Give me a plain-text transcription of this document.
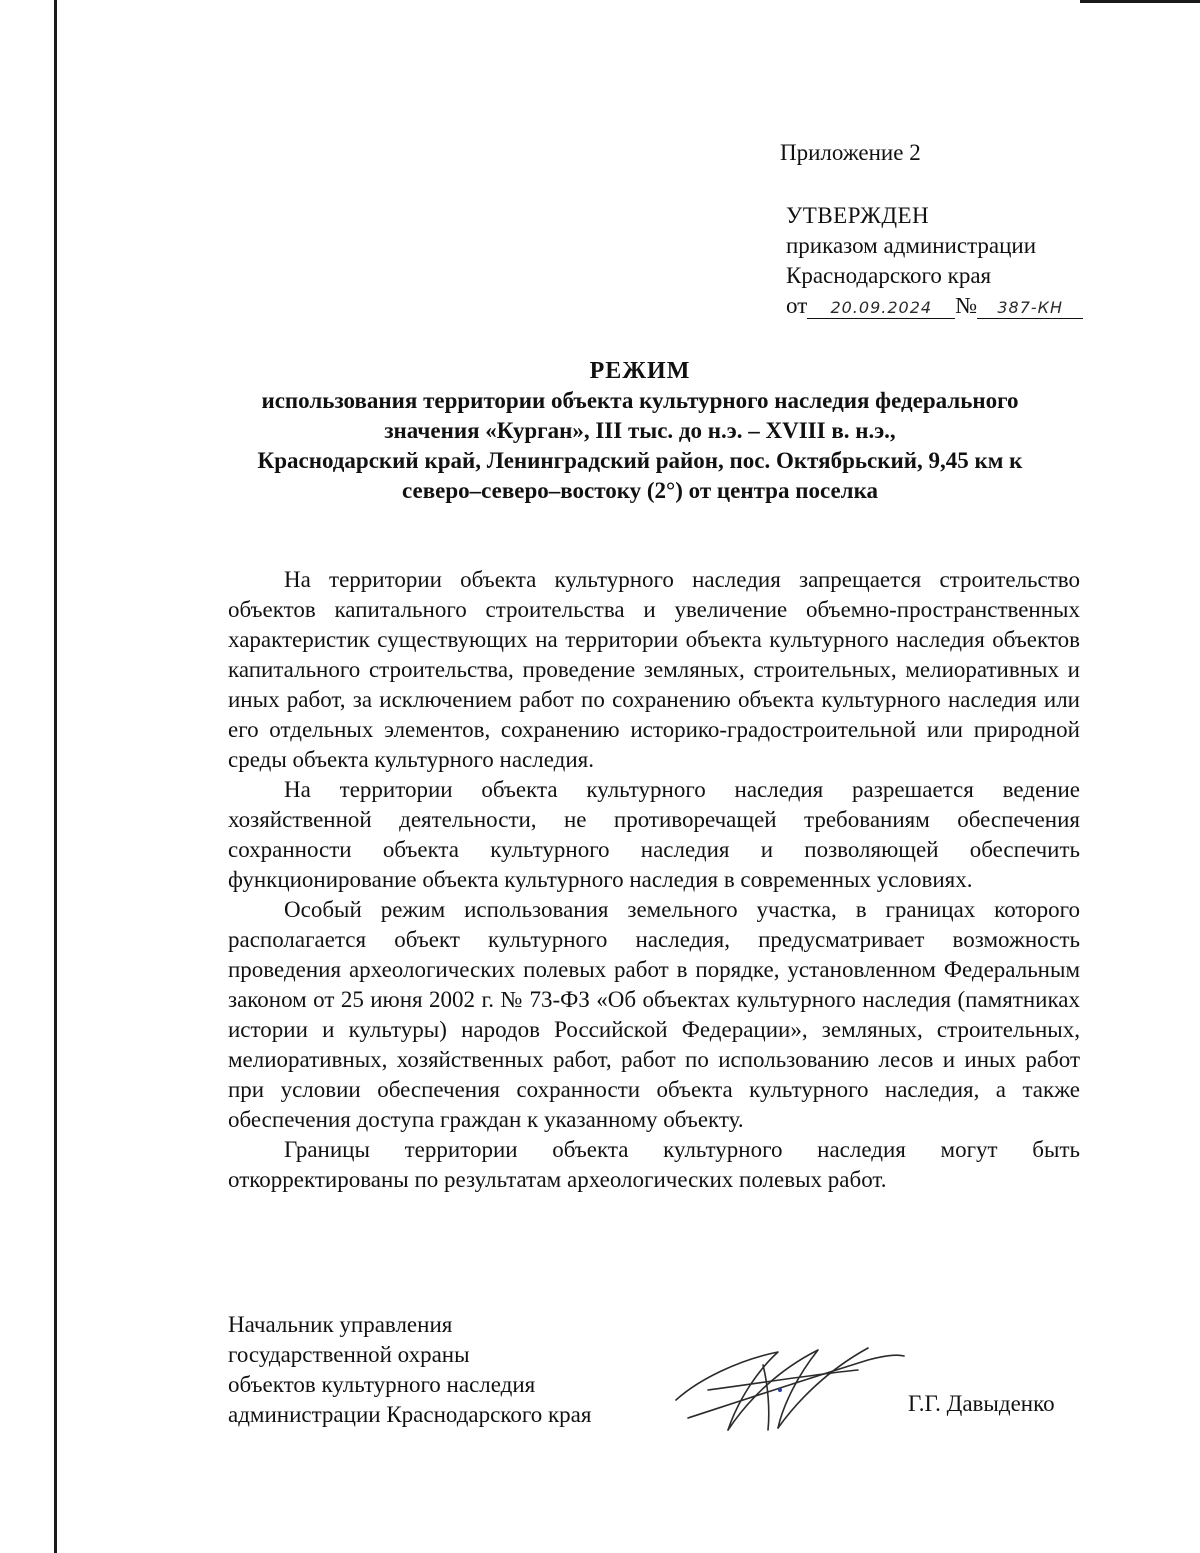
Приложение 2
УТВЕРЖДЕН
приказом администрации
Краснодарского края
от 20.09.2024 № 387-КН
РЕЖИМ
использования территории объекта культурного наследия федерального
значения «Курган», III тыс. до н.э. – XVIII в. н.э.,
Краснодарский край, Ленинградский район, пос. Октябрьский, 9,45 км к
северо–северо–востоку (2°) от центра поселка

На территории объекта культурного наследия запрещается строительство объектов капитального строительства и увеличение объемно-пространственных характеристик существующих на территории объекта культурного наследия объектов капитального строительства, проведение земляных, строительных, мелиоративных и иных работ, за исключением работ по сохранению объекта культурного наследия или его отдельных элементов, сохранению историко-градостроительной или природной среды объекта культурного наследия.

На территории объекта культурного наследия разрешается ведение хозяйственной деятельности, не противоречащей требованиям обеспечения сохранности объекта культурного наследия и позволяющей обеспечить функционирование объекта культурного наследия в современных условиях.

Особый режим использования земельного участка, в границах которого располагается объект культурного наследия, предусматривает возможность проведения археологических полевых работ в порядке, установленном Федеральным законом от 25 июня 2002 г. № 73-ФЗ «Об объектах культурного наследия (памятниках истории и культуры) народов Российской Федерации», земляных, строительных, мелиоративных, хозяйственных работ, работ по использованию лесов и иных работ при условии обеспечения сохранности объекта культурного наследия, а также обеспечения доступа граждан к указанному объекту.

Границы территории объекта культурного наследия могут быть откорректированы по результатам археологических полевых работ.

Начальник управления
государственной охраны
объектов культурного наследия
администрации Краснодарского края	Г.Г. Давыденко
